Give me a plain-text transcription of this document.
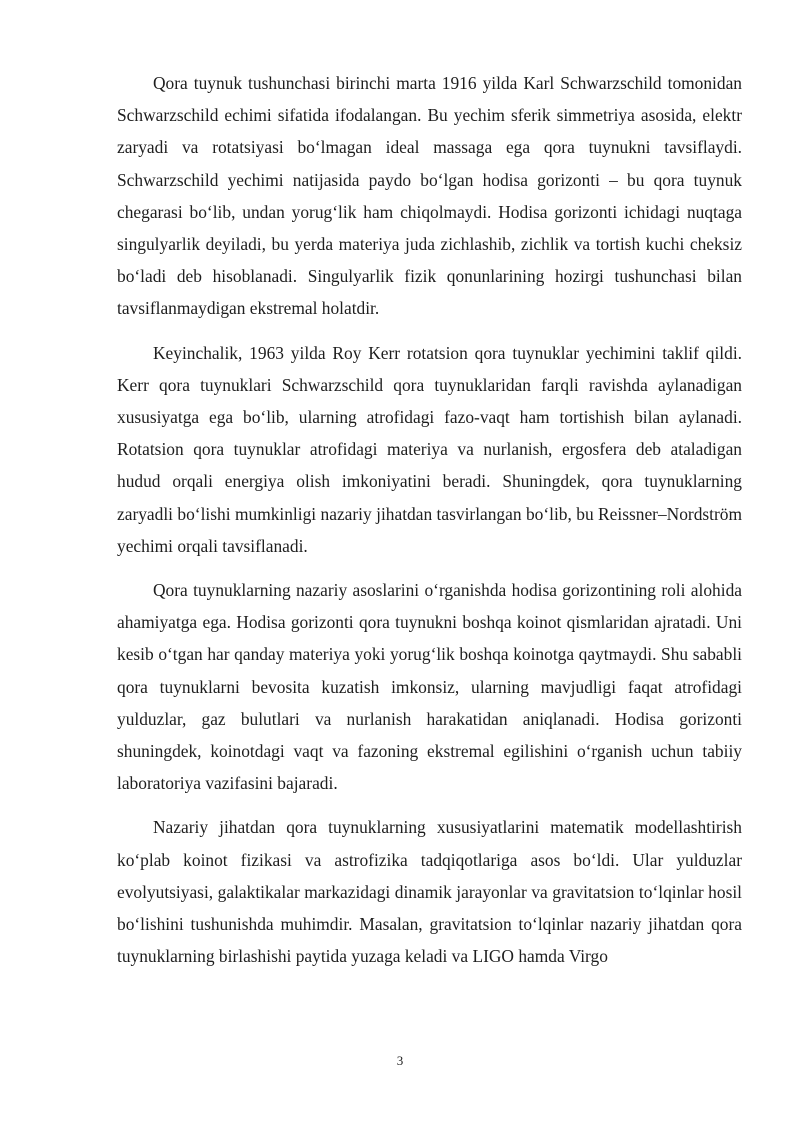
Qora tuynuk tushunchasi birinchi marta 1916 yilda Karl Schwarzschild tomonidan Schwarzschild echimi sifatida ifodalangan. Bu yechim sferik simmetriya asosida, elektr zaryadi va rotatsiyasi bo‘lmagan ideal massaga ega qora tuynukni tavsiflaydi. Schwarzschild yechimi natijasida paydo bo‘lgan hodisa gorizonti – bu qora tuynuk chegarasi bo‘lib, undan yorug‘lik ham chiqolmaydi. Hodisa gorizonti ichidagi nuqtaga singulyarlik deyiladi, bu yerda materiya juda zichlashib, zichlik va tortish kuchi cheksiz bo‘ladi deb hisoblanadi. Singulyarlik fizik qonunlarining hozirgi tushunchasi bilan tavsiflanmaydigan ekstremal holatdir.

Keyinchalik, 1963 yilda Roy Kerr rotatsion qora tuynuklar yechimini taklif qildi. Kerr qora tuynuklari Schwarzschild qora tuynuklaridan farqli ravishda aylanadigan xususiyatga ega bo‘lib, ularning atrofidagi fazo-vaqt ham tortishish bilan aylanadi. Rotatsion qora tuynuklar atrofidagi materiya va nurlanish, ergosfera deb ataladigan hudud orqali energiya olish imkoniyatini beradi. Shuningdek, qora tuynuklarning zaryadli bo‘lishi mumkinligi nazariy jihatdan tasvirlangan bo‘lib, bu Reissner–Nordström yechimi orqali tavsiflanadi.

Qora tuynuklarning nazariy asoslarini o‘rganishda hodisa gorizontining roli alohida ahamiyatga ega. Hodisa gorizonti qora tuynukni boshqa koinot qismlaridan ajratadi. Uni kesib o‘tgan har qanday materiya yoki yorug‘lik boshqa koinotga qaytmaydi. Shu sababli qora tuynuklarni bevosita kuzatish imkonsiz, ularning mavjudligi faqat atrofidagi yulduzlar, gaz bulutlari va nurlanish harakatidan aniqlanadi. Hodisa gorizonti shuningdek, koinotdagi vaqt va fazoning ekstremal egilishini o‘rganish uchun tabiiy laboratoriya vazifasini bajaradi.

Nazariy jihatdan qora tuynuklarning xususiyatlarini matematik modellashtirish ko‘plab koinot fizikasi va astrofizika tadqiqotlariga asos bo‘ldi. Ular yulduzlar evolyutsiyasi, galaktikalar markazidagi dinamik jarayonlar va gravitatsion to‘lqinlar hosil bo‘lishini tushunishda muhimdir. Masalan, gravitatsion to‘lqinlar nazariy jihatdan qora tuynuklarning birlashishi paytida yuzaga keladi va LIGO hamda Virgo

3
